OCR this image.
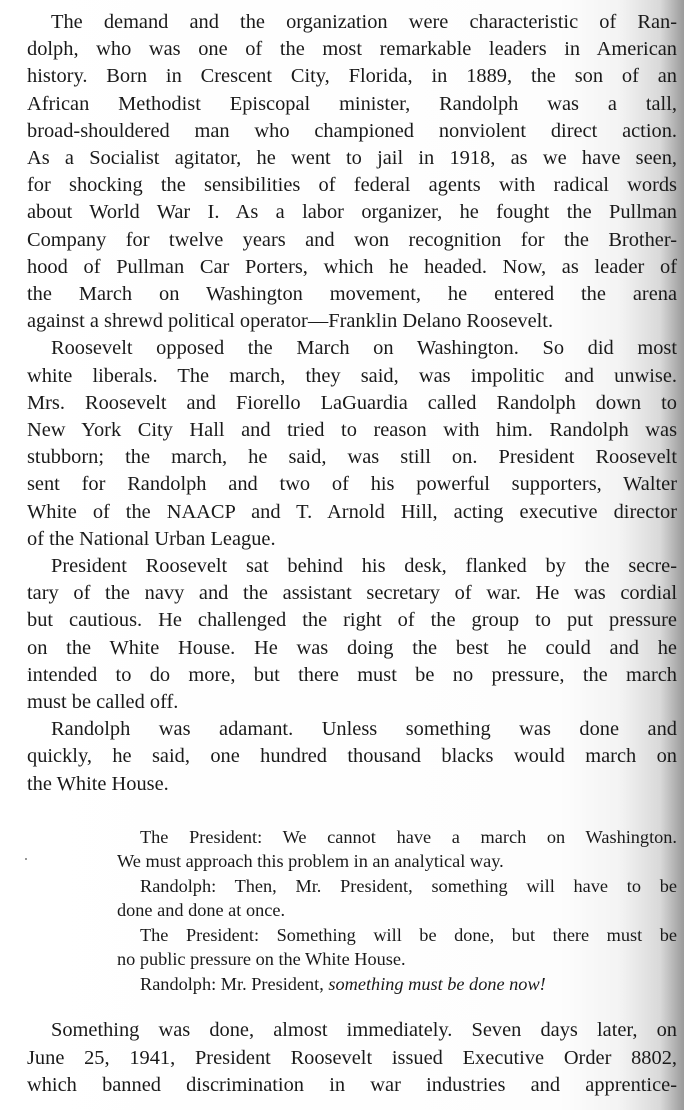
The demand and the organization were characteristic of Ran-
dolph, who was one of the most remarkable leaders in American
history. Born in Crescent City, Florida, in 1889, the son of an
African Methodist Episcopal minister, Randolph was a tall,
broad-shouldered man who championed nonviolent direct action.
As a Socialist agitator, he went to jail in 1918, as we have seen,
for shocking the sensibilities of federal agents with radical words
about World War I. As a labor organizer, he fought the Pullman
Company for twelve years and won recognition for the Brother-
hood of Pullman Car Porters, which he headed. Now, as leader of
the March on Washington movement, he entered the arena
against a shrewd political operator—Franklin Delano Roosevelt.

Roosevelt opposed the March on Washington. So did most
white liberals. The march, they said, was impolitic and unwise.
Mrs. Roosevelt and Fiorello LaGuardia called Randolph down to
New York City Hall and tried to reason with him. Randolph was
stubborn; the march, he said, was still on. President Roosevelt
sent for Randolph and two of his powerful supporters, Walter
White of the NAACP and T. Arnold Hill, acting executive director
of the National Urban League.

President Roosevelt sat behind his desk, flanked by the secre-
tary of the navy and the assistant secretary of war. He was cordial
but cautious. He challenged the right of the group to put pressure
on the White House. He was doing the best he could and he
intended to do more, but there must be no pressure, the march
must be called off.

Randolph was adamant. Unless something was done and
quickly, he said, one hundred thousand blacks would march on
the White House.

The President: We cannot have a march on Washington.
We must approach this problem in an analytical way.
Randolph: Then, Mr. President, something will have to be
done and done at once.
The President: Something will be done, but there must be
no public pressure on the White House.
Randolph: Mr. President, something must be done now!

Something was done, almost immediately. Seven days later, on
June 25, 1941, President Roosevelt issued Executive Order 8802,
which banned discrimination in war industries and apprentice-
